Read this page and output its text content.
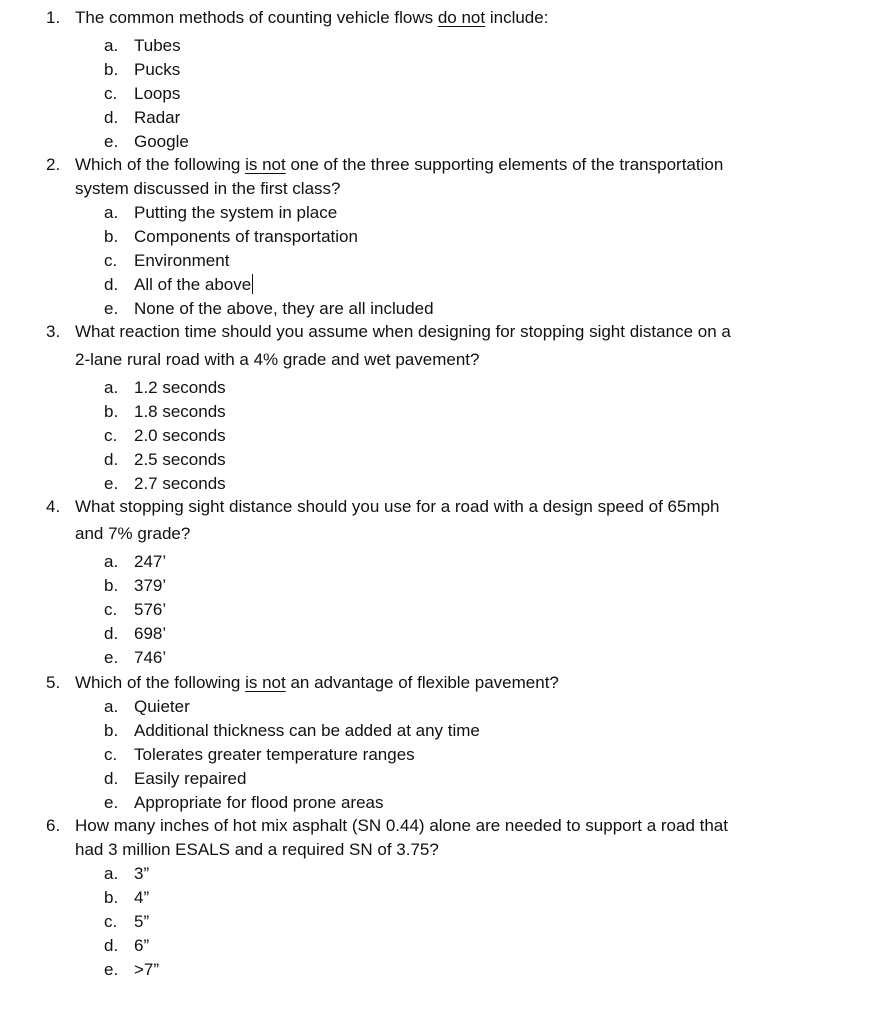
1. The common methods of counting vehicle flows do not include:
a. Tubes
b. Pucks
c. Loops
d. Radar
e. Google
2. Which of the following is not one of the three supporting elements of the transportation
system discussed in the first class?
a. Putting the system in place
b. Components of transportation
c. Environment
d. All of the above
e. None of the above, they are all included
3. What reaction time should you assume when designing for stopping sight distance on a
2-lane rural road with a 4% grade and wet pavement?
a. 1.2 seconds
b. 1.8 seconds
c. 2.0 seconds
d. 2.5 seconds
e. 2.7 seconds
4. What stopping sight distance should you use for a road with a design speed of 65mph
and 7% grade?
a. 247’
b. 379’
c. 576’
d. 698’
e. 746’
5. Which of the following is not an advantage of flexible pavement?
a. Quieter
b. Additional thickness can be added at any time
c. Tolerates greater temperature ranges
d. Easily repaired
e. Appropriate for flood prone areas
6. How many inches of hot mix asphalt (SN 0.44) alone are needed to support a road that
had 3 million ESALS and a required SN of 3.75?
a. 3”
b. 4”
c. 5”
d. 6”
e. >7”
